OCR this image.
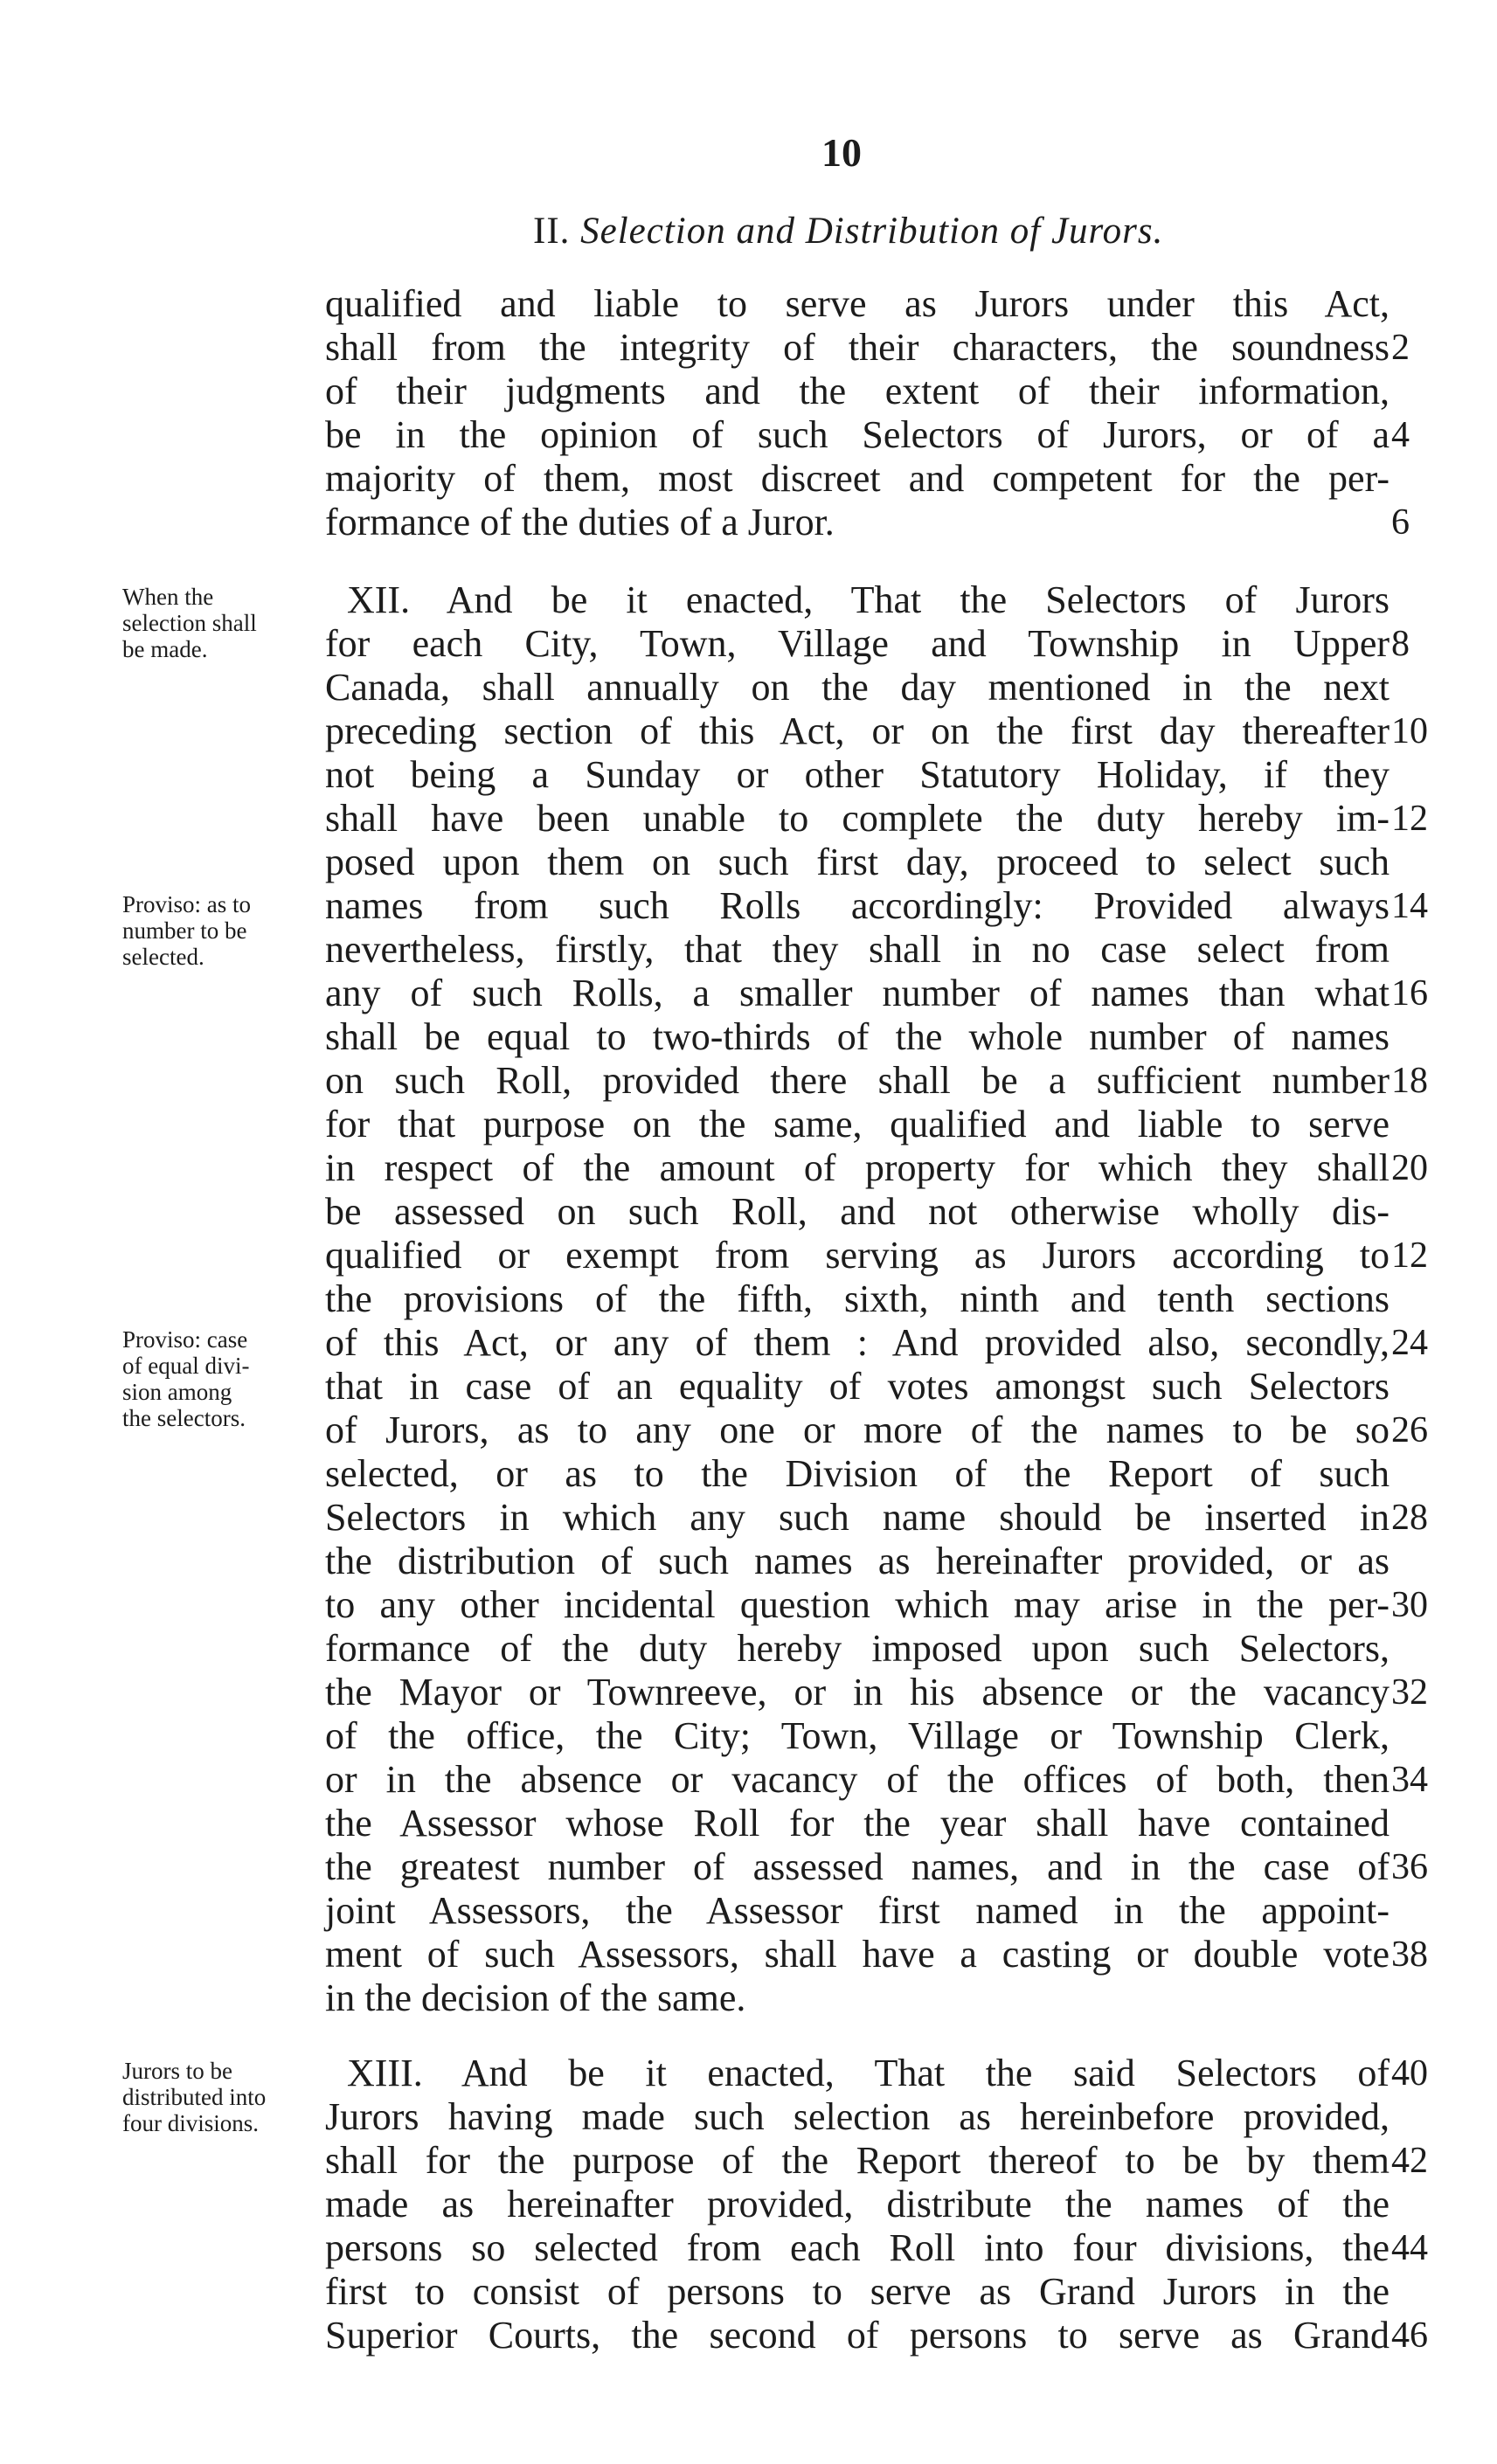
10
II. Selection and Distribution of Jurors.
qualified and liable to serve as Jurors under this Act,
shall from the integrity of their characters, the soundness
of their judgments and the extent of their information,
be in the opinion of such Selectors of Jurors, or of a
majority of them, most discreet and competent for the per-
formance of the duties of a Juror.
XII. And be it enacted, That the Selectors of Jurors
for each City, Town, Village and Township in Upper
Canada, shall annually on the day mentioned in the next
preceding section of this Act, or on the first day thereafter
not being a Sunday or other Statutory Holiday, if they
shall have been unable to complete the duty hereby im-
posed upon them on such first day, proceed to select such
names from such Rolls accordingly: Provided always
nevertheless, firstly, that they shall in no case select from
any of such Rolls, a smaller number of names than what
shall be equal to two-thirds of the whole number of names
on such Roll, provided there shall be a sufficient number
for that purpose on the same, qualified and liable to serve
in respect of the amount of property for which they shall
be assessed on such Roll, and not otherwise wholly dis-
qualified or exempt from serving as Jurors according to
the provisions of the fifth, sixth, ninth and tenth sections
of this Act, or any of them : And provided also, secondly,
that in case of an equality of votes amongst such Selectors
of Jurors, as to any one or more of the names to be so
selected, or as to the Division of the Report of such
Selectors in which any such name should be inserted in
the distribution of such names as hereinafter provided, or as
to any other incidental question which may arise in the per-
formance of the duty hereby imposed upon such Selectors,
the Mayor or Townreeve, or in his absence or the vacancy
of the office, the City; Town, Village or Township Clerk,
or in the absence or vacancy of the offices of both, then
the Assessor whose Roll for the year shall have contained
the greatest number of assessed names, and in the case of
joint Assessors, the Assessor first named in the appoint-
ment of such Assessors, shall have a casting or double vote
in the decision of the same.
XIII. And be it enacted, That the said Selectors of
Jurors having made such selection as hereinbefore provided,
shall for the purpose of the Report thereof to be by them
made as hereinafter provided, distribute the names of the
persons so selected from each Roll into four divisions, the
first to consist of persons to serve as Grand Jurors in the
Superior Courts, the second of persons to serve as Grand
2
4
6
8
10
12
14
16
18
20
12
24
26
28
30
32
34
36
38
40
42
44
46
When the
selection shall
be made.
Proviso: as to
number to be
selected.
Proviso: case
of equal divi-
sion among
the selectors.
Jurors to be
distributed into
four divisions.
